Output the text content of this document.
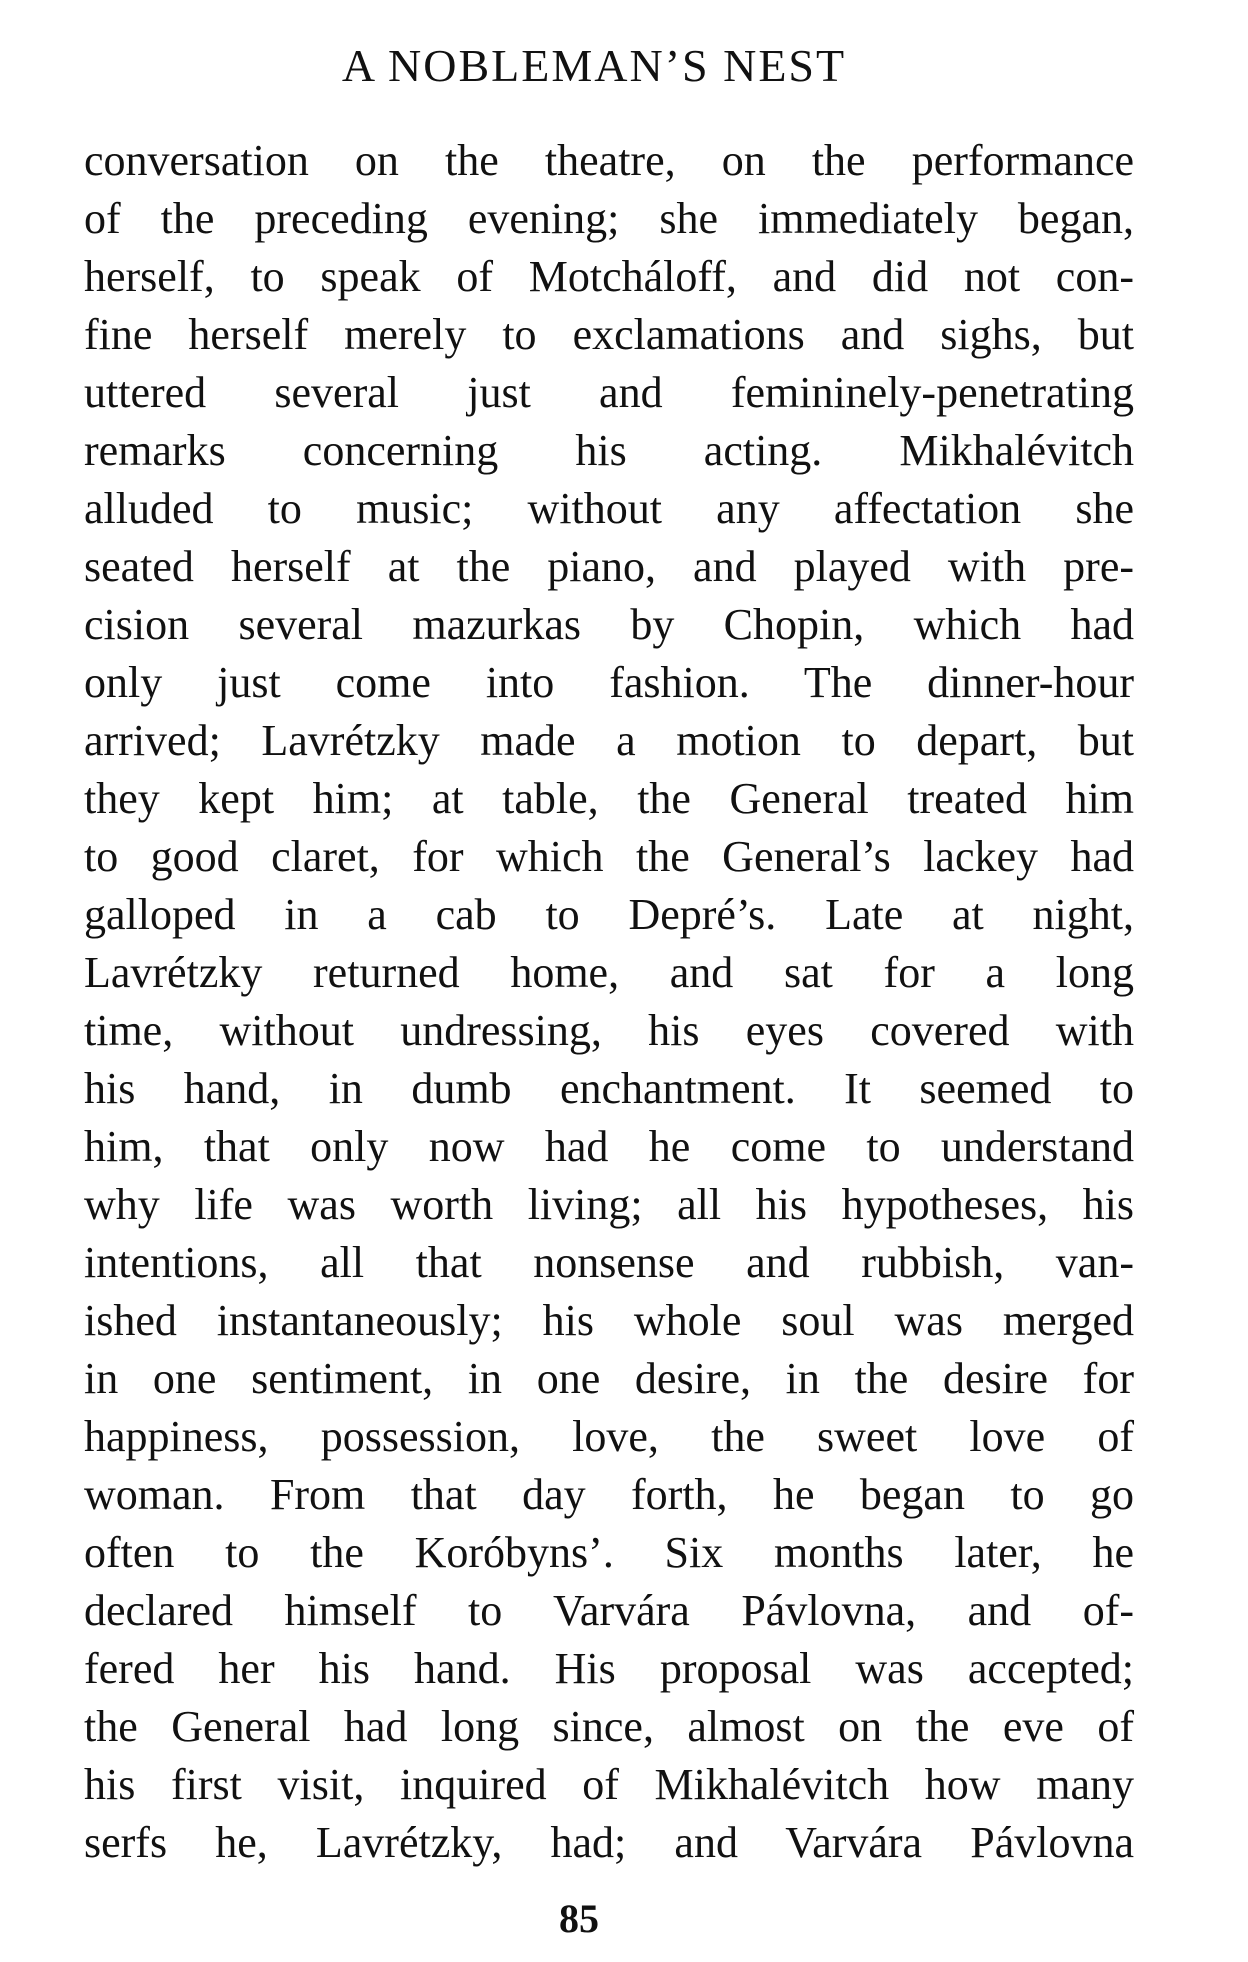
A NOBLEMAN’S NEST
conversation on the theatre, on the performance
of the preceding evening; she immediately began,
herself, to speak of Motchálоff, and did not con-
fine herself merely to exclamations and sighs, but
uttered several just and femininely-penetrating
remarks concerning his acting. Mikhalévitch
alluded to music; without any affectation she
seated herself at the piano, and played with pre-
cision several mazurkas by Chopin, which had
only just come into fashion. The dinner-hour
arrived; Lavrétzky made a motion to depart, but
they kept him; at table, the General treated him
to good claret, for which the General’s lackey had
galloped in a cab to Depré’s. Late at night,
Lavrétzky returned home, and sat for a long
time, without undressing, his eyes covered with
his hand, in dumb enchantment. It seemed to
him, that only now had he come to understand
why life was worth living; all his hypotheses, his
intentions, all that nonsense and rubbish, van-
ished instantaneously; his whole soul was merged
in one sentiment, in one desire, in the desire for
happiness, possession, love, the sweet love of
woman. From that day forth, he began to go
often to the Koróbyns’. Six months later, he
declared himself to Varvára Pávlovna, and of-
fered her his hand. His proposal was accepted;
the General had long since, almost on the eve of
his first visit, inquired of Mikhalévitch how many
serfs he, Lavrétzky, had; and Varvára Pávlovna
85
